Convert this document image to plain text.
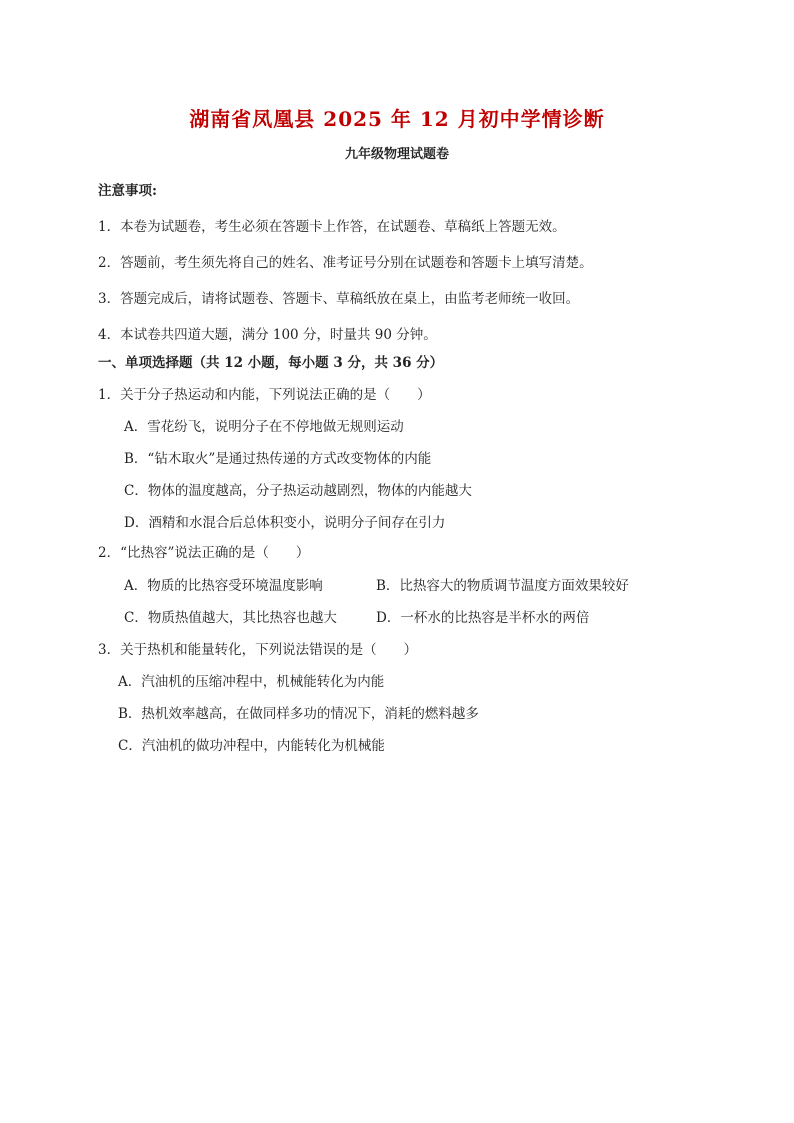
湖南省凤凰县 2025 年 12 月初中学情诊断
九年级物理试题卷
注意事项:
1．本卷为试题卷，考生必须在答题卡上作答，在试题卷、草稿纸上答题无效。
2．答题前，考生须先将自己的姓名、准考证号分别在试题卷和答题卡上填写清楚。
3．答题完成后，请将试题卷、答题卡、草稿纸放在桌上，由监考老师统一收回。
4．本试卷共四道大题，满分 100 分，时量共 90 分钟。
一、单项选择题（共 12 小题，每小题 3 分，共 36 分）
1．关于分子热运动和内能，下列说法正确的是（　　）
A．雪花纷飞，说明分子在不停地做无规则运动
B．“钻木取火”是通过热传递的方式改变物体的内能
C．物体的温度越高，分子热运动越剧烈，物体的内能越大
D．酒精和水混合后总体积变小，说明分子间存在引力
2．“比热容”说法正确的是（　　）
A．物质的比热容受环境温度影响	B．比热容大的物质调节温度方面效果较好
C．物质热值越大，其比热容也越大	D．一杯水的比热容是半杯水的两倍
3．关于热机和能量转化，下列说法错误的是（　　）
A．汽油机的压缩冲程中，机械能转化为内能
B．热机效率越高，在做同样多功的情况下，消耗的燃料越多
C．汽油机的做功冲程中，内能转化为机械能
